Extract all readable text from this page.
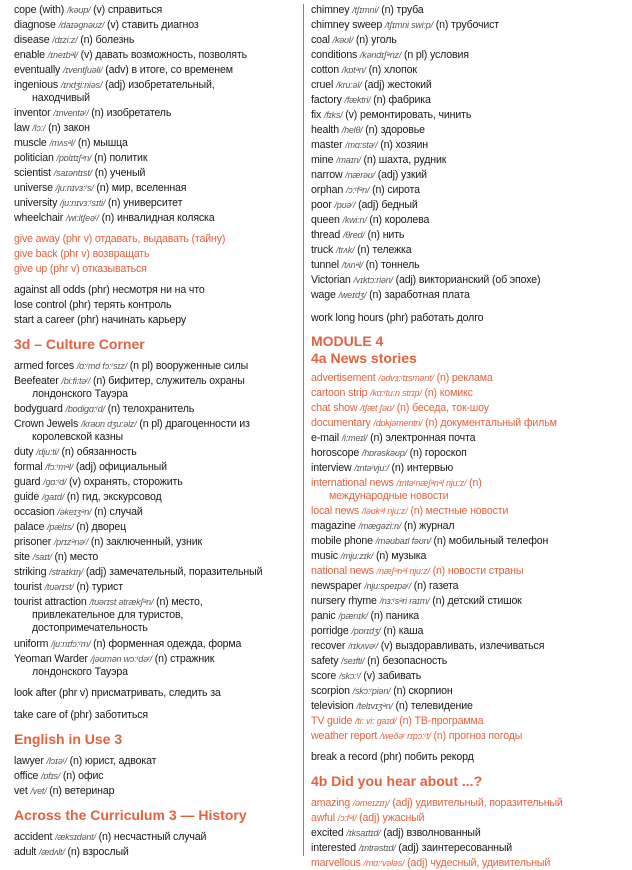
cope (with) /kəʊp/ (v) справиться
diagnose /daɪəgnəʊz/ (v) ставить диагноз
disease /dɪzi:z/ (n) болезнь
enable /ɪneɪbᵊl/ (v) давать возможность, позволять
eventually /ɪventʃuəli/ (adv) в итоге, со временем
ingenious /ɪndʒi:niəs/ (adj) изобретательный,
находчивый
inventor /ɪnventəʳ/ (n) изобретатель
law /lɔ:/ (n) закон
muscle /mʌsᵊl/ (n) мышца
politician /pɒlɪtɪʃᵊn/ (n) политик
scientist /saɪəntɪst/ (n) ученый
universe /ju:nɪvɜ:ʳs/ (n) мир, вселенная
university /ju:nɪvɜ:ʳsɪti/ (n) университет
wheelchair /wi:ltʃeəʳ/ (n) инвалидная коляска
give away (phr v) отдавать, выдавать (тайну)
give back (phr v) возвращать
give up (phr v) отказываться
against all odds (phr) несмотря ни на что
lose control (phr) терять контроль
start a career (phr) начинать карьеру
3d – Culture Corner
armed forces /ɑ:ʳmd fɔ:ʳsɪz/ (n pl) вооруженные силы
Beefeater /bi:fi:təʳ/ (n) бифитер, служитель охраны
лондонского Тауэра
bodyguard /bɒdigɑ:ʳd/ (n) телохранитель
Crown Jewels /kraʊn dʒu:əlz/ (n pl) драгоценности из
королевской казны
duty /dju:ti/ (n) обязанность
formal /fɔ:ʳmᵊl/ (adj) официальный
guard /gɑ:ʳd/ (v) охранять, сторожить
guide /gaɪd/ (n) гид, экскурсовод
occasion /əkeɪʒᵊn/ (n) случай
palace /pælɪs/ (n) дворец
prisoner /prɪzᵊnəʳ/ (n) заключенный, узник
site /saɪt/ (n) место
striking /straɪkɪŋ/ (adj) замечательный, поразительный
tourist /tʊərɪst/ (n) турист
tourist attraction /tʊərɪst ətrækʃᵊn/ (n) место,
привлекательное для туристов,
достопримечательность
uniform /ju:nɪfɔ:ʳm/ (n) форменная одежда, форма
Yeoman Warder /jəʊmən wɔ:ʳdəʳ/ (n) стражник
лондонского Тауэра
look after (phr v) присматривать, следить за
take care of (phr) заботиться
English in Use 3
lawyer /lɔɪəʳ/ (n) юрист, адвокат
office /ɒfɪs/ (n) офис
vet /vet/ (n) ветеринар
Across the Curriculum 3 — History
accident /æksɪdənt/ (n) несчастный случай
adult /ædʌlt/ (n) взрослый
chimney /tʃɪmni/ (n) труба
chimney sweep /tʃɪmni swi:p/ (n) трубочист
coal /kəʊl/ (n) уголь
conditions /kəndɪʃᵊnz/ (n pl) условия
cotton /kɒtᵊn/ (n) хлопок
cruel /kru:əl/ (adj) жестокий
factory /fæktri/ (n) фабрика
fix /fɪks/ (v) ремонтировать, чинить
health /helθ/ (n) здоровье
master /mɑ:stəʳ/ (n) хозяин
mine /maɪn/ (n) шахта, рудник
narrow /nærəʊ/ (adj) узкий
orphan /ɔ:ʳfᵊn/ (n) сирота
poor /pʊəʳ/ (adj) бедный
queen /kwi:n/ (n) королева
thread /θred/ (n) нить
truck /trʌk/ (n) тележка
tunnel /tʌnᵊl/ (n) тоннель
Victorian /vɪktɔ:riən/ (adj) викторианский (об эпохе)
wage /weɪdʒ/ (n) заработная плата
work long hours (phr) работать долго
MODULE 4
4a News stories
advertisement /ədvɜ:ʳtɪsmənt/ (n) реклама
cartoon strip /kɑ:ʳtu:n strɪp/ (n) комикс
chat show /tʃæt ʃəʊ/ (n) беседа, ток-шоу
documentary /dɒkjəmentri/ (n) документальный фильм
e-mail /i:meɪl/ (n) электронная почта
horoscope /hɒrəskəʊp/ (n) гороскоп
interview /ɪntəʳvju:/ (n) интервью
international news /ɪntəʳnæʃᵊnᵊl nju:z/ (n)
международные новости
local news /ləʊkᵊl nju:z/ (n) местные новости
magazine /mægəzi:n/ (n) журнал
mobile phone /məʊbaɪl fəʊn/ (n) мобильный телефон
music /mju:zɪk/ (n) музыка
national news /næʃᵊnᵊl nju:z/ (n) новости страны
newspaper /nju:speɪpəʳ/ (n) газета
nursery rhyme /nɜ:ʳsᵊri raɪm/ (n) детский стишок
panic /pænɪk/ (n) паника
porridge /pɒrɪdʒ/ (n) каша
recover /rɪkʌvəʳ/ (v) выздоравливать, излечиваться
safety /seɪfti/ (n) безопасность
score /skɔ:ʳ/ (v) забивать
scorpion /skɔ:ʳpiən/ (n) скорпион
television /telɪvɪʒᵊn/ (n) телевидение
TV guide /ti: vi: gaɪd/ (n) ТВ-программа
weather report /weðəʳ rɪpɔ:ʳt/ (n) прогноз погоды
break a record (phr) побить рекорд
4b Did you hear about ...?
amazing /əmeɪzɪŋ/ (adj) удивительный, поразительный
awful /ɔ:fᵊl/ (adj) ужасный
excited /ɪksaɪtɪd/ (adj) взволнованный
interested /ɪntrəstɪd/ (adj) заинтересованный
marvellous /mɑ:ʳvələs/ (adj) чудесный, удивительный
